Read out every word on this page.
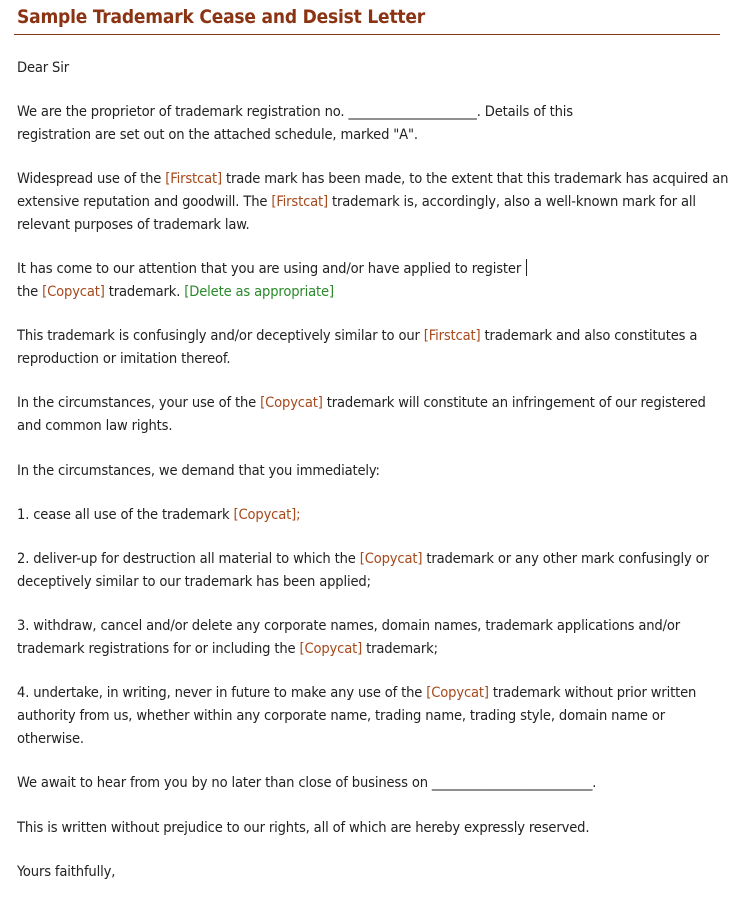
Sample Trademark Cease and Desist Letter

Dear Sir

We are the proprietor of trademark registration no. ____________________. Details of this
registration are set out on the attached schedule, marked "A".

Widespread use of the [Firstcat] trade mark has been made, to the extent that this trademark has acquired an extensive reputation and goodwill. The [Firstcat] trademark is, accordingly, also a well-known mark for all relevant purposes of trademark law.

It has come to our attention that you are using and/or have applied to register
the [Copycat] trademark. [Delete as appropriate]

This trademark is confusingly and/or deceptively similar to our [Firstcat] trademark and also constitutes a reproduction or imitation thereof.

In the circumstances, your use of the [Copycat] trademark will constitute an infringement of our registered and common law rights.

In the circumstances, we demand that you immediately:

1. cease all use of the trademark [Copycat];

2. deliver-up for destruction all material to which the [Copycat] trademark or any other mark confusingly or deceptively similar to our trademark has been applied;

3. withdraw, cancel and/or delete any corporate names, domain names, trademark applications and/or trademark registrations for or including the [Copycat] trademark;

4. undertake, in writing, never in future to make any use of the [Copycat] trademark without prior written authority from us, whether within any corporate name, trading name, trading style, domain name or otherwise.

We await to hear from you by no later than close of business on _________________________.

This is written without prejudice to our rights, all of which are hereby expressly reserved.

Yours faithfully,
